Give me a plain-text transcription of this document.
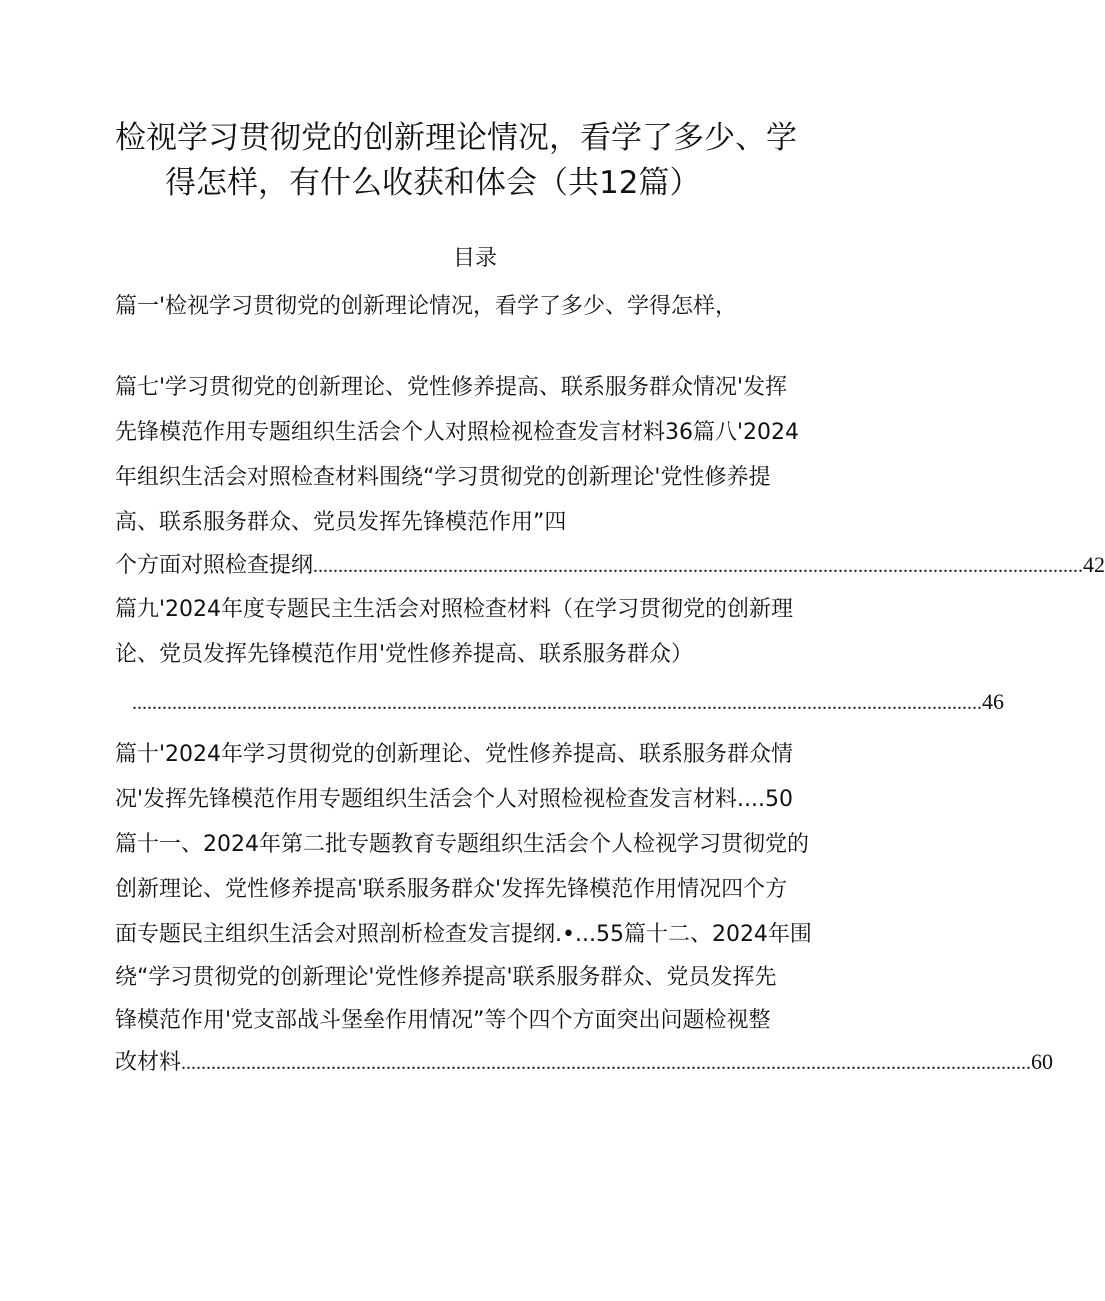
检视学习贯彻党的创新理论情况，看学了多少、学
得怎样，有什么收获和体会（共12篇）
目录
篇一'检视学习贯彻党的创新理论情况，看学了多少、学得怎样，
篇七'学习贯彻党的创新理论、党性修养提高、联系服务群众情况'发挥
先锋模范作用专题组织生活会个人对照检视检查发言材料36篇八'2024
年组织生活会对照检查材料围绕“学习贯彻党的创新理论'党性修养提
高、联系服务群众、党员发挥先锋模范作用”四
个方面对照检查提纲 .......................................................................................................................................................... 42
篇九'2024年度专题民主生活会对照检查材料（在学习贯彻党的创新理
论、党员发挥先锋模范作用'党性修养提高、联系服务群众）
.......................................................................................................................................................................... 46
篇十'2024年学习贯彻党的创新理论、党性修养提高、联系服务群众情
况'发挥先锋模范作用专题组织生活会个人对照检视检查发言材料....50
篇十一、2024年第二批专题教育专题组织生活会个人检视学习贯彻党的
创新理论、党性修养提高'联系服务群众'发挥先锋模范作用情况四个方
面专题民主组织生活会对照剖析检查发言提纲.•...55篇十二、2024年围
绕“学习贯彻党的创新理论'党性修养提高'联系服务群众、党员发挥先
锋模范作用'党支部战斗堡垒作用情况”等个四个方面突出问题检视整
改材料 .......................................................................................................................................................................... 60
